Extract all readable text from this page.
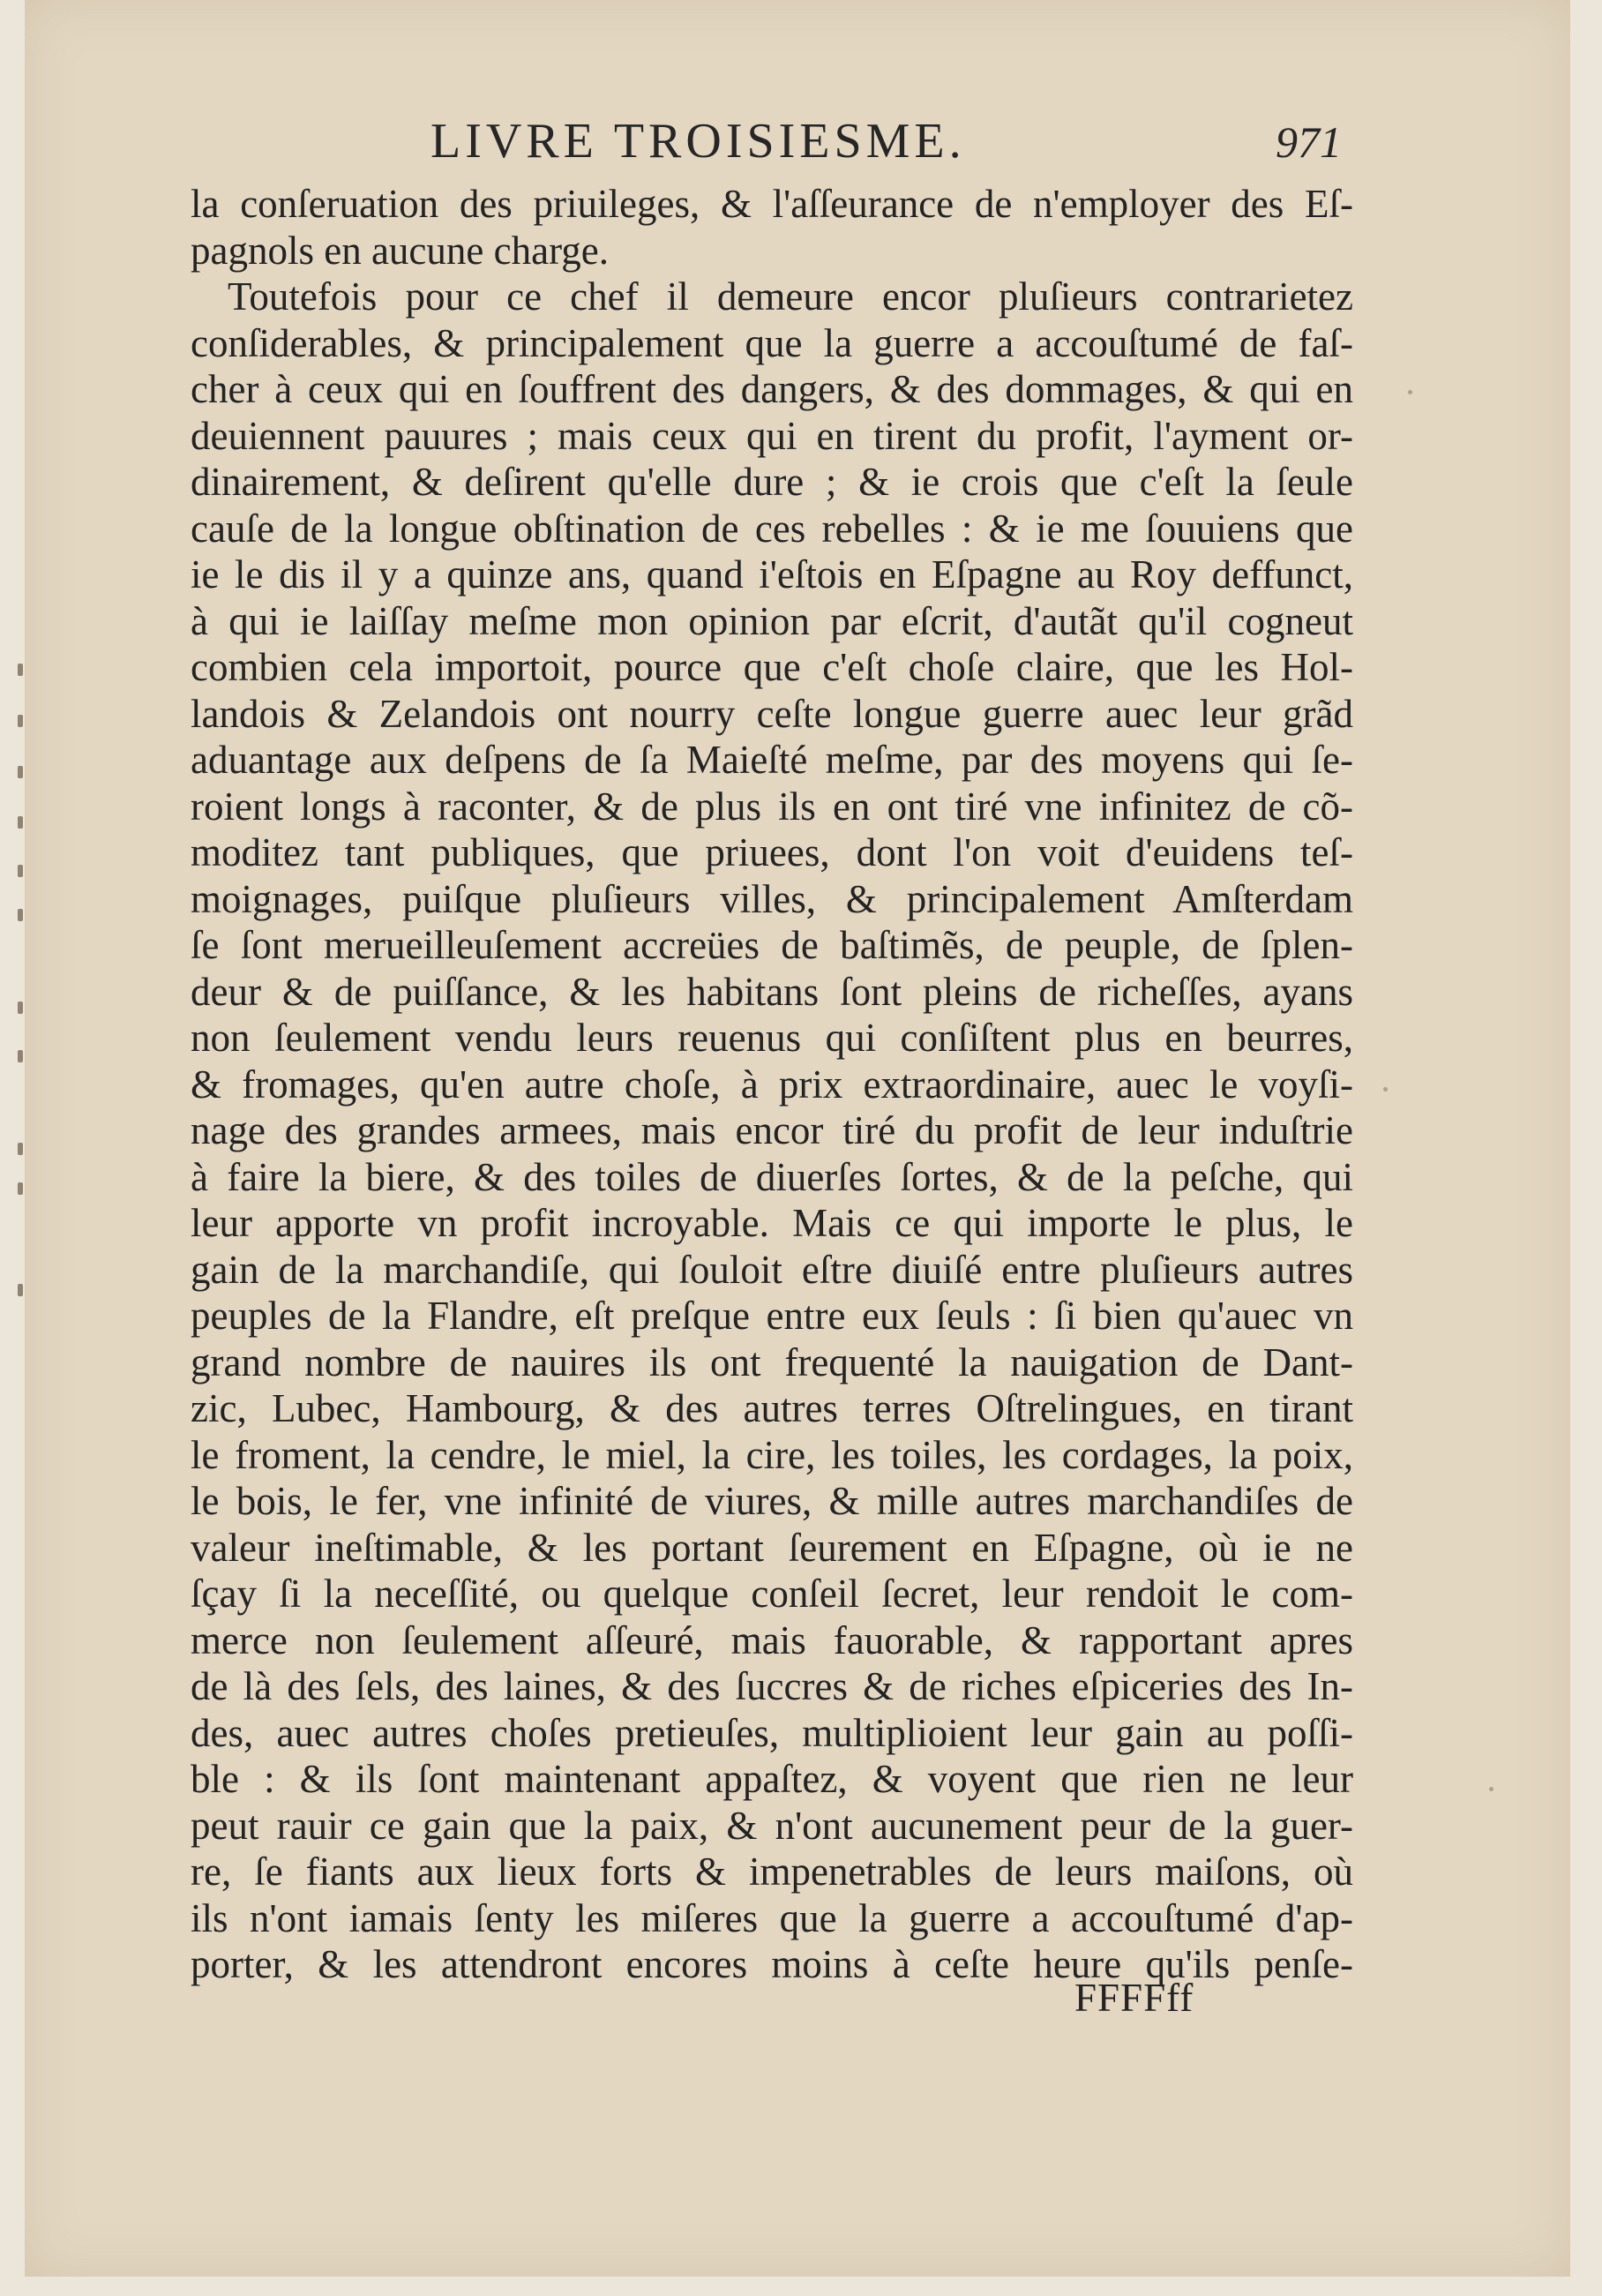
LIVRE TROISIESME.	971
la conſeruation des priuileges, & l'aſſeurance de n'employer des Eſ-
pagnols en aucune charge.
Toutefois pour ce chef il demeure encor pluſieurs contrarietez
conſiderables, & principalement que la guerre a accouſtumé de faſ-
cher à ceux qui en ſouffrent des dangers, & des dommages, & qui en
deuiennent pauures ; mais ceux qui en tirent du profit, l'ayment or-
dinairement, & deſirent qu'elle dure ; & ie crois que c'eſt la ſeule
cauſe de la longue obſtination de ces rebelles : & ie me ſouuiens que
ie le dis il y a quinze ans, quand i'eſtois en Eſpagne au Roy deffunct,
à qui ie laiſſay meſme mon opinion par eſcrit, d'autãt qu'il cogneut
combien cela importoit, pource que c'eſt choſe claire, que les Hol-
landois & Zelandois ont nourry ceſte longue guerre auec leur grãd
aduantage aux deſpens de ſa Maieſté meſme, par des moyens qui ſe-
roient longs à raconter, & de plus ils en ont tiré vne infinitez de cõ-
moditez tant publiques, que priuees, dont l'on voit d'euidens teſ-
moignages, puiſque pluſieurs villes, & principalement Amſterdam
ſe ſont merueilleuſement accreües de baſtimẽs, de peuple, de ſplen-
deur & de puiſſance, & les habitans ſont pleins de richeſſes, ayans
non ſeulement vendu leurs reuenus qui conſiſtent plus en beurres,
& fromages, qu'en autre choſe, à prix extraordinaire, auec le voyſi-
nage des grandes armees, mais encor tiré du profit de leur induſtrie
à faire la biere, & des toiles de diuerſes ſortes, & de la peſche, qui
leur apporte vn profit incroyable. Mais ce qui importe le plus, le
gain de la marchandiſe, qui ſouloit eſtre diuiſé entre pluſieurs autres
peuples de la Flandre, eſt preſque entre eux ſeuls : ſi bien qu'auec vn
grand nombre de nauires ils ont frequenté la nauigation de Dant-
zic, Lubec, Hambourg, & des autres terres Oſtrelingues, en tirant
le froment, la cendre, le miel, la cire, les toiles, les cordages, la poix,
le bois, le fer, vne infinité de viures, & mille autres marchandiſes de
valeur ineſtimable, & les portant ſeurement en Eſpagne, où ie ne
ſçay ſi la neceſſité, ou quelque conſeil ſecret, leur rendoit le com-
merce non ſeulement aſſeuré, mais fauorable, & rapportant apres
de là des ſels, des laines, & des ſuccres & de riches eſpiceries des In-
des, auec autres choſes pretieuſes, multiplioient leur gain au poſſi-
ble : & ils ſont maintenant appaſtez, & voyent que rien ne leur
peut rauir ce gain que la paix, & n'ont aucunement peur de la guer-
re, ſe fiants aux lieux forts & impenetrables de leurs maiſons, où
ils n'ont iamais ſenty les miſeres que la guerre a accouſtumé d'ap-
porter, & les attendront encores moins à ceſte heure qu'ils penſe-
FFFFff
